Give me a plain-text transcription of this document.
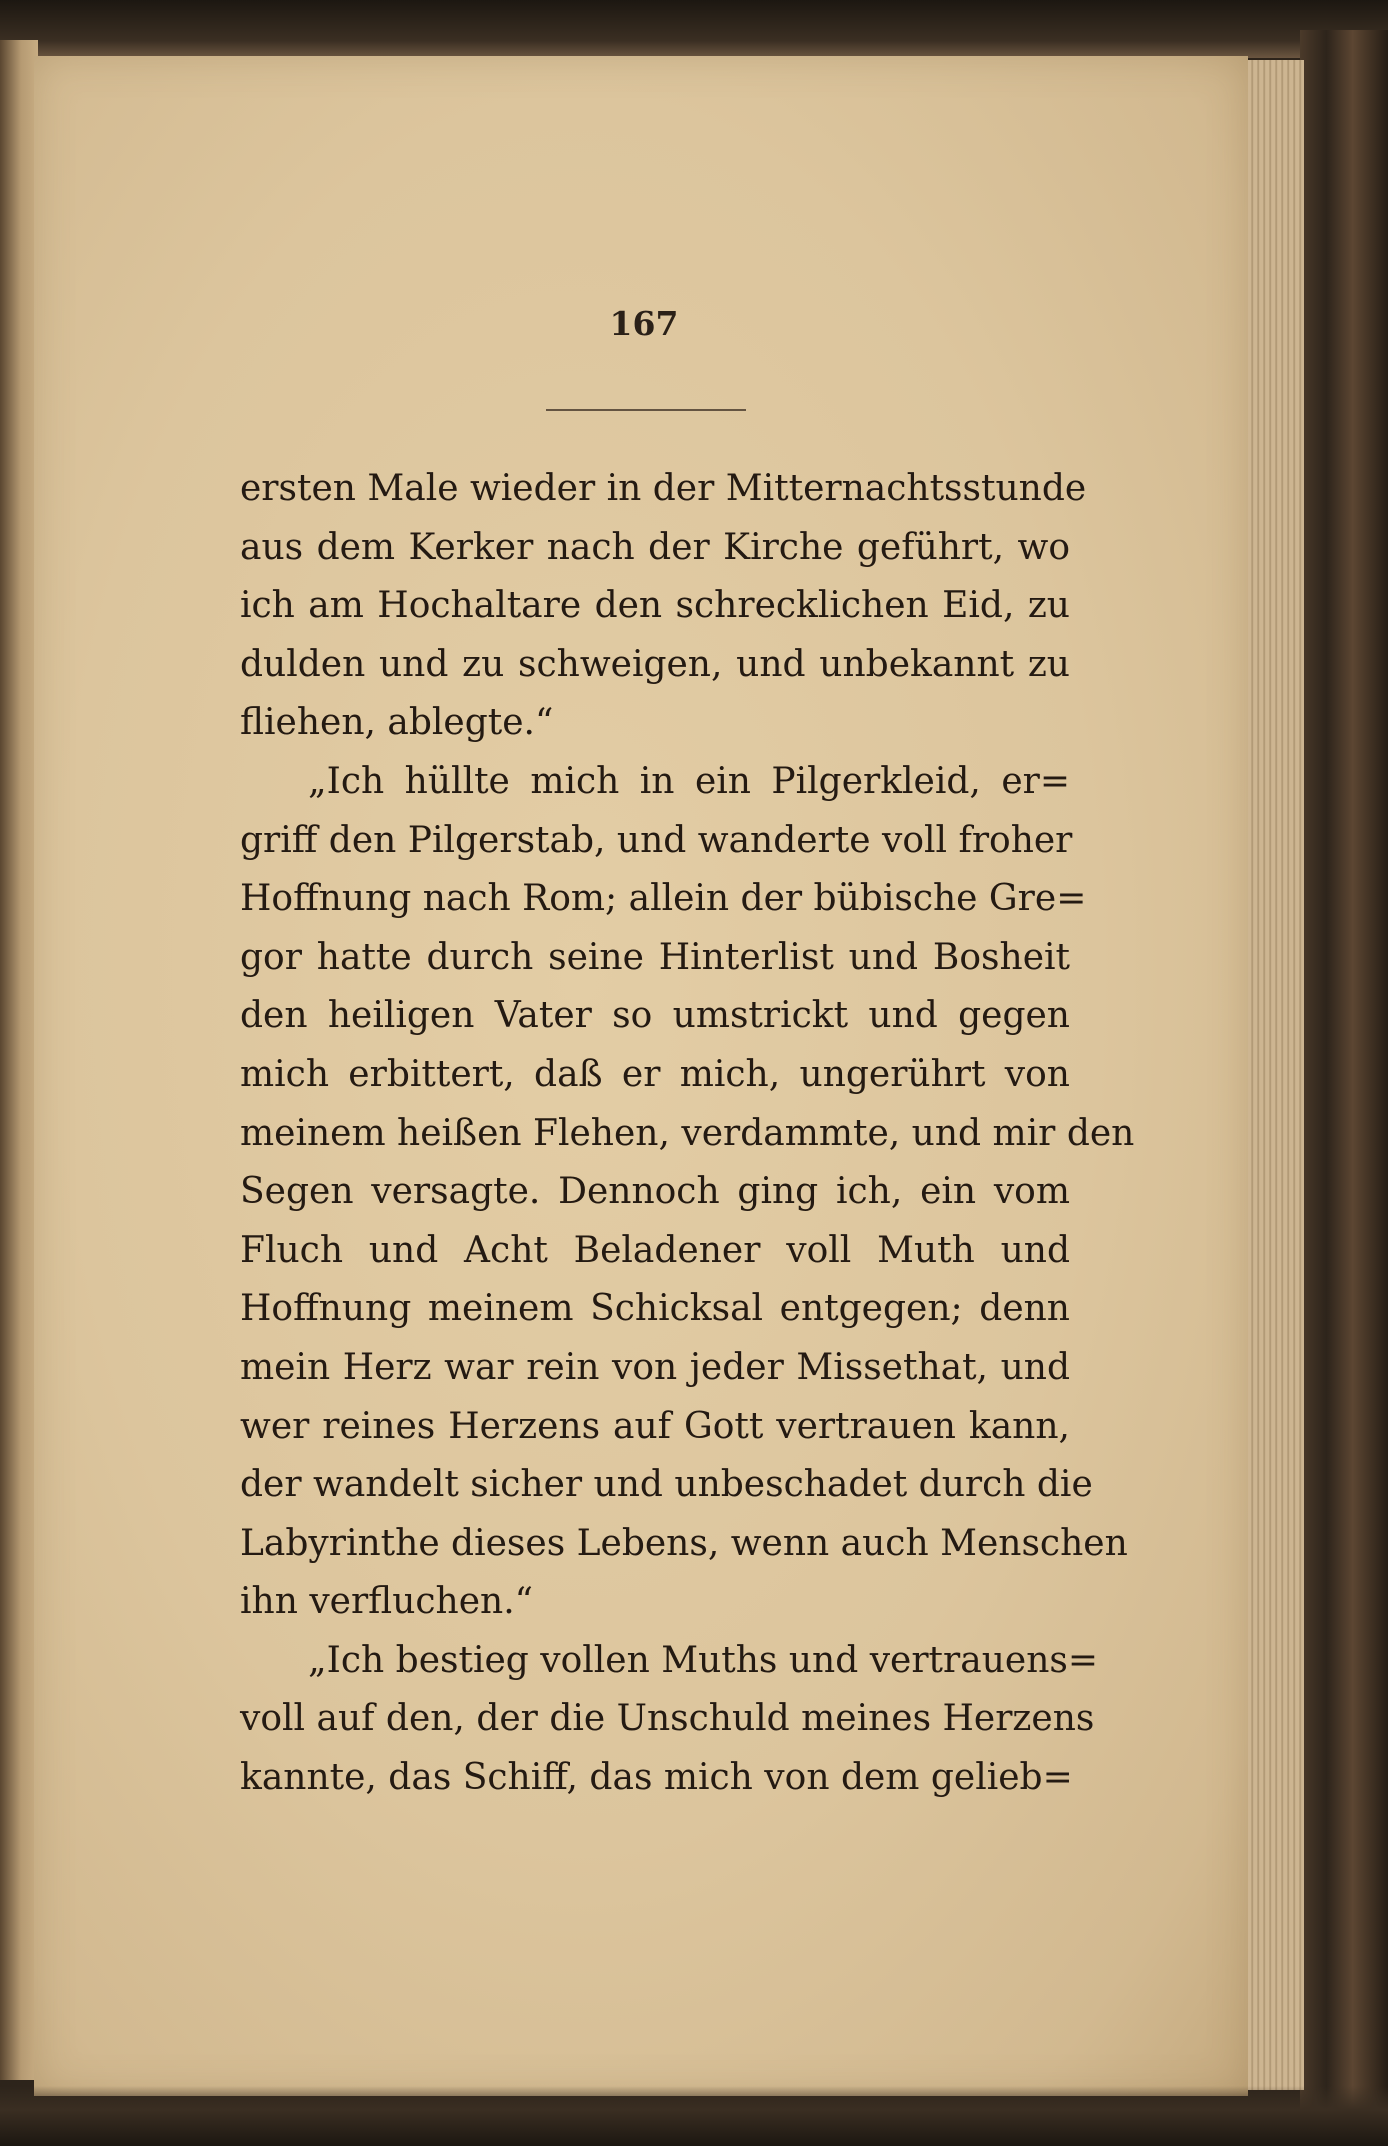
167

ersten Male wieder in der Mitternachtsstunde
aus dem Kerker nach der Kirche geführt, wo
ich am Hochaltare den schrecklichen Eid, zu
dulden und zu schweigen, und unbekannt zu
fliehen, ablegte.“
„Ich hüllte mich in ein Pilgerkleid, er=
griff den Pilgerstab, und wanderte voll froher
Hoffnung nach Rom; allein der bübische Gre=
gor hatte durch seine Hinterlist und Bosheit
den heiligen Vater so umstrickt und gegen
mich erbittert, daß er mich, ungerührt von
meinem heißen Flehen, verdammte, und mir den
Segen versagte. Dennoch ging ich, ein vom
Fluch und Acht Beladener voll Muth und
Hoffnung meinem Schicksal entgegen; denn
mein Herz war rein von jeder Missethat, und
wer reines Herzens auf Gott vertrauen kann,
der wandelt sicher und unbeschadet durch die
Labyrinthe dieses Lebens, wenn auch Menschen
ihn verfluchen.“
„Ich bestieg vollen Muths und vertrauens=
voll auf den, der die Unschuld meines Herzens
kannte, das Schiff, das mich von dem gelieb=
